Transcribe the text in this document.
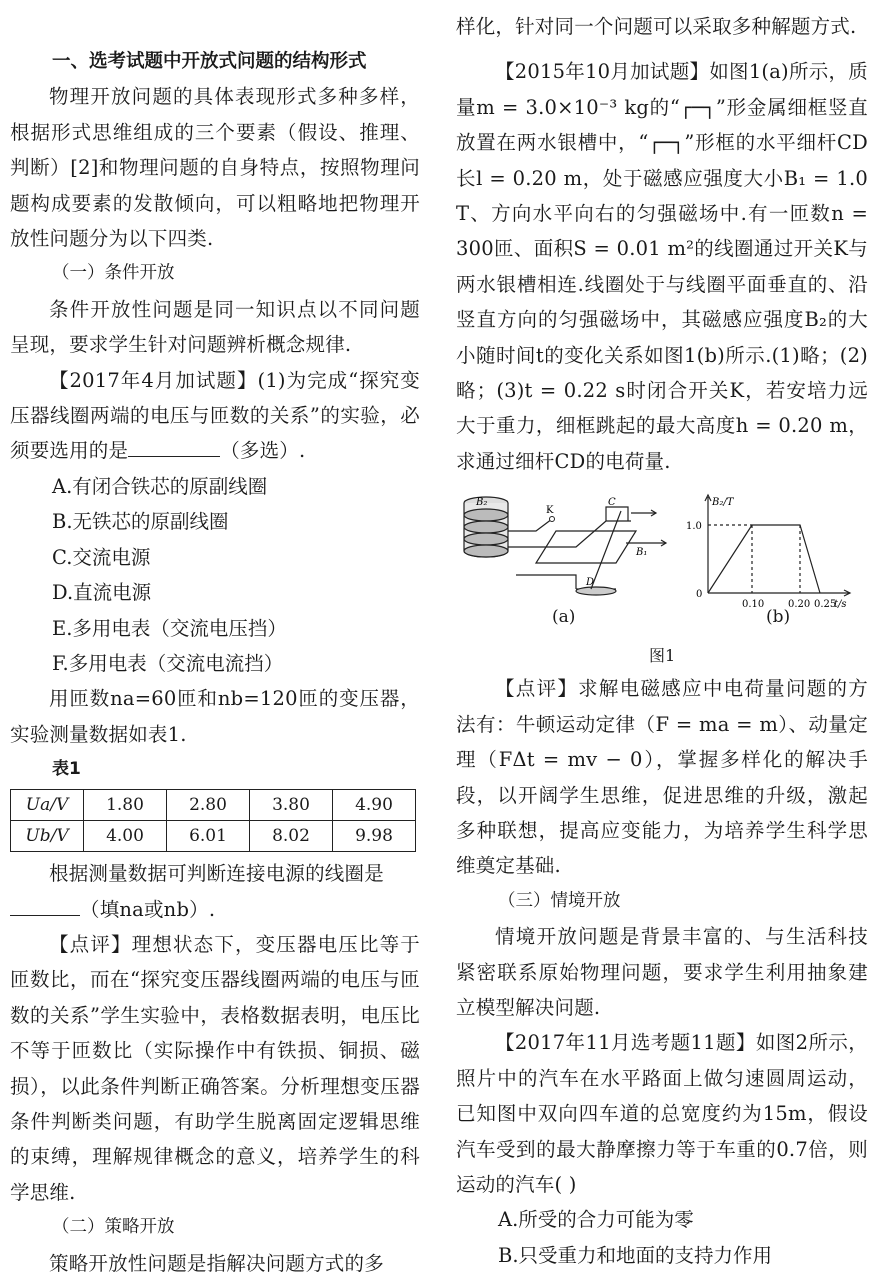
一、选考试题中开放式问题的结构形式

物理开放问题的具体表现形式多种多样，根据形式思维组成的三个要素（假设、推理、判断）[2]和物理问题的自身特点，按照物理问题构成要素的发散倾向，可以粗略地把物理开放性问题分为以下四类.

（一）条件开放

条件开放性问题是同一知识点以不同问题呈现，要求学生针对问题辨析概念规律.

【2017年4月加试题】(1)为完成“探究变压器线圈两端的电压与匝数的关系”的实验，必须要选用的是	（多选）.

A.有闭合铁芯的原副线圈

B.无铁芯的原副线圈

C.交流电源

D.直流电源

E.多用电表（交流电压挡）

F.多用电表（交流电流挡）

用匝数na=60匝和nb=120匝的变压器，实验测量数据如表1.

表1

Ua/V	1.80	2.80	3.80	4.90
Ub/V	4.00	6.01	8.02	9.98

根据测量数据可判断连接电源的线圈是

（填na或nb）.

【点评】理想状态下，变压器电压比等于匝数比，而在“探究变压器线圈两端的电压与匝数的关系”学生实验中，表格数据表明，电压比不等于匝数比（实际操作中有铁损、铜损、磁损），以此条件判断正确答案。分析理想变压器条件判断类问题，有助学生脱离固定逻辑思维的束缚，理解规律概念的意义，培养学生的科学思维.

（二）策略开放

策略开放性问题是指解决问题方式的多

样化，针对同一个问题可以采取多种解题方式.

【2015年10月加试题】如图1(a)所示，质量m = 3.0×10⁻³ kg的“┌─┐”形金属细框竖直放置在两水银槽中，“┌─┐”形框的水平细杆CD长l = 0.20 m，处于磁感应强度大小B₁ = 1.0 T、方向水平向右的匀强磁场中.有一匝数n = 300匝、面积S = 0.01 m²的线圈通过开关K与两水银槽相连.线圈处于与线圈平面垂直的、沿竖直方向的匀强磁场中，其磁感应强度B₂的大小随时间t的变化关系如图1(b)所示.(1)略；(2)略；(3)t = 0.22 s时闭合开关K，若安培力远大于重力，细框跳起的最大高度h = 0.20 m，求通过细杆CD的电荷量.

B₂
K
C
D
B₁
B₂/T
1.0
0
0.10 0.20 0.25
t/s
(a)	(b)
图1

【点评】求解电磁感应中电荷量问题的方法有：牛顿运动定律（F = ma = m）、动量定理（FΔt = mv − 0），掌握多样化的解决手段，以开阔学生思维，促进思维的升级，激起多种联想，提高应变能力，为培养学生科学思维奠定基础.

（三）情境开放

情境开放问题是背景丰富的、与生活科技紧密联系原始物理问题，要求学生利用抽象建立模型解决问题.

【2017年11月选考题11题】如图2所示，照片中的汽车在水平路面上做匀速圆周运动，已知图中双向四车道的总宽度约为15m，假设汽车受到的最大静摩擦力等于车重的0.7倍，则运动的汽车( )

A.所受的合力可能为零

B.只受重力和地面的支持力作用
